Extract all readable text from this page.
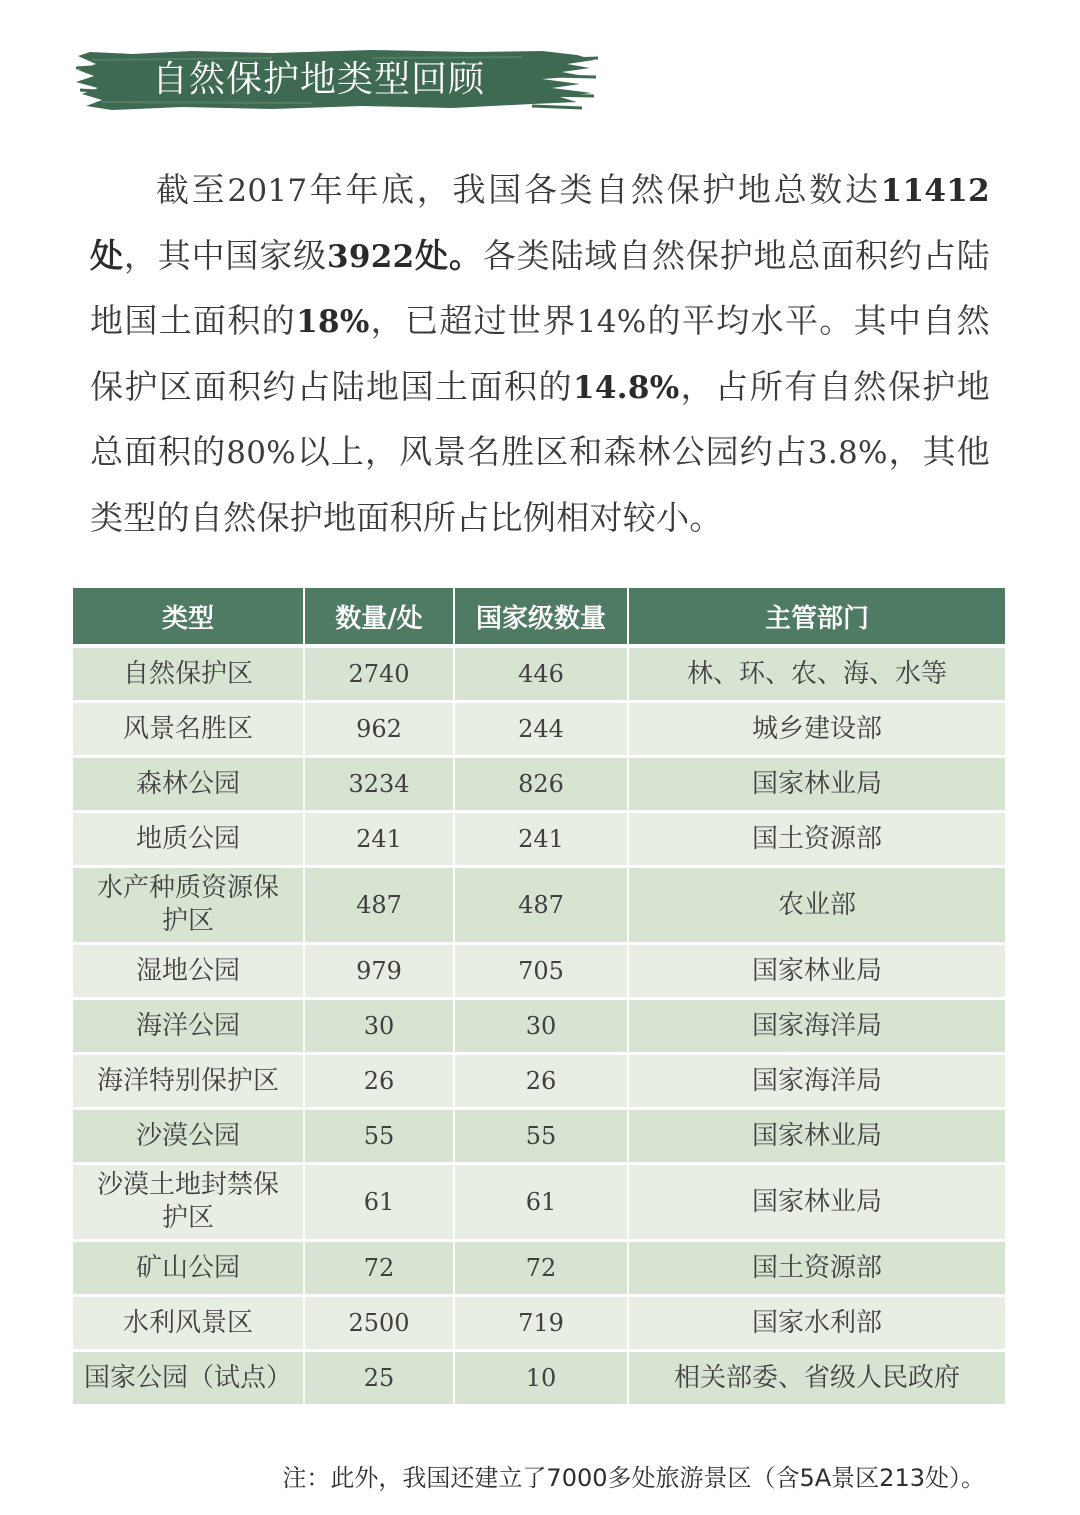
自然保护地类型回顾
截至2017年年底，我国各类自然保护地总数达11412处，其中国家级3922处。各类陆域自然保护地总面积约占陆地国土面积的18%，已超过世界14%的平均水平。其中自然保护区面积约占陆地国土面积的14.8%，占所有自然保护地总面积的80%以上，风景名胜区和森林公园约占3.8%，其他类型的自然保护地面积所占比例相对较小。
类型	数量/处	国家级数量	主管部门
自然保护区	2740	446	林、环、农、海、水等
风景名胜区	962	244	城乡建设部
森林公园	3234	826	国家林业局
地质公园	241	241	国土资源部
水产种质资源保护区	487	487	农业部
湿地公园	979	705	国家林业局
海洋公园	30	30	国家海洋局
海洋特别保护区	26	26	国家海洋局
沙漠公园	55	55	国家林业局
沙漠土地封禁保护区	61	61	国家林业局
矿山公园	72	72	国土资源部
水利风景区	2500	719	国家水利部
国家公园（试点）	25	10	相关部委、省级人民政府
注：此外，我国还建立了7000多处旅游景区（含5A景区213处）。
